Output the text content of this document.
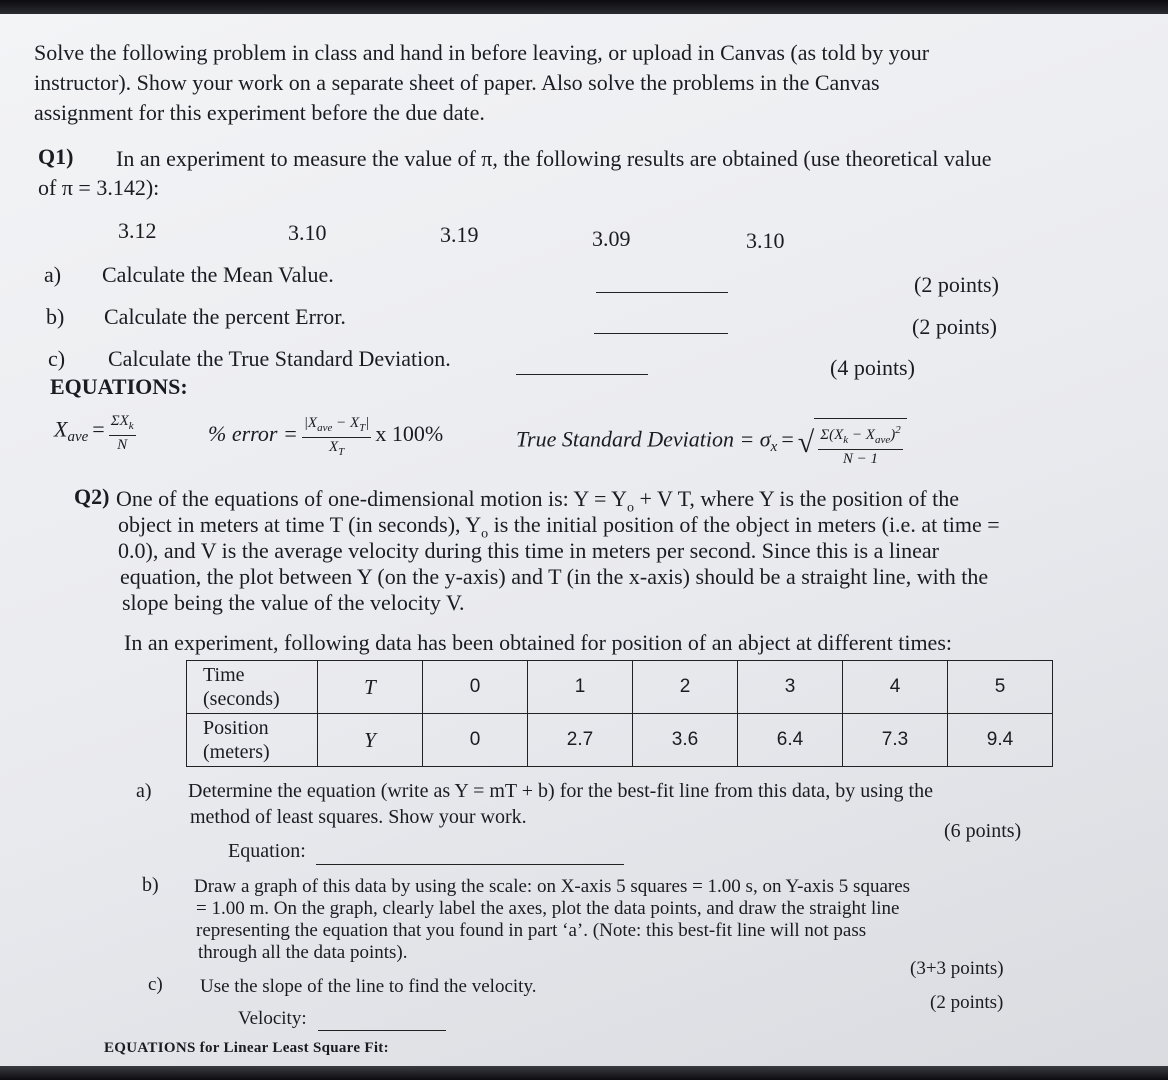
Solve the following problem in class and hand in before leaving, or upload in Canvas (as told by your
instructor). Show your work on a separate sheet of paper. Also solve the problems in the Canvas
assignment for this experiment before the due date.
Q1) In an experiment to measure the value of π, the following results are obtained (use theoretical value
of π = 3.142):
3.12	3.10	3.19	3.09	3.10
a) Calculate the Mean Value.	(2 points)
b) Calculate the percent Error.	(2 points)
c) Calculate the True Standard Deviation.	(4 points)
EQUATIONS:
$X_{ave} = \frac{\Sigma X_k}{N}$	% error = $\frac{|X_{ave} - X_T|}{X_T}$ x 100%	True Standard Deviation = $\sigma_x$ = √ $\frac{\Sigma(X_k - X_{ave})^2}{N - 1}$
Q2) One of the equations of one-dimensional motion is: $Y = Y_o + V$ T, where Y is the position of the
object in meters at time T (in seconds), $Y_o$ is the initial position of the object in meters (i.e. at time =
0.0), and V is the average velocity during this time in meters per second. Since this is a linear
equation, the plot between Y (on the y-axis) and T (in the x-axis) should be a straight line, with the
slope being the value of the velocity V.
In an experiment, following data has been obtained for position of an abject at different times:
Time
(seconds)	T	0	1	2	3	4	5
Position
(meters)	Y	0	2.7	3.6	6.4	7.3	9.4
a) Determine the equation (write as Y = mT + b) for the best-fit line from this data, by using the
method of least squares. Show your work.
(6 points)
Equation:
b) Draw a graph of this data by using the scale: on X-axis 5 squares = 1.00 s, on Y-axis 5 squares
= 1.00 m. On the graph, clearly label the axes, plot the data points, and draw the straight line
representing the equation that you found in part ‘a’. (Note: this best-fit line will not pass
through all the data points).
(3+3 points)
c) Use the slope of the line to find the velocity.
(2 points)
Velocity:
EQUATIONS for Linear Least Square Fit:
